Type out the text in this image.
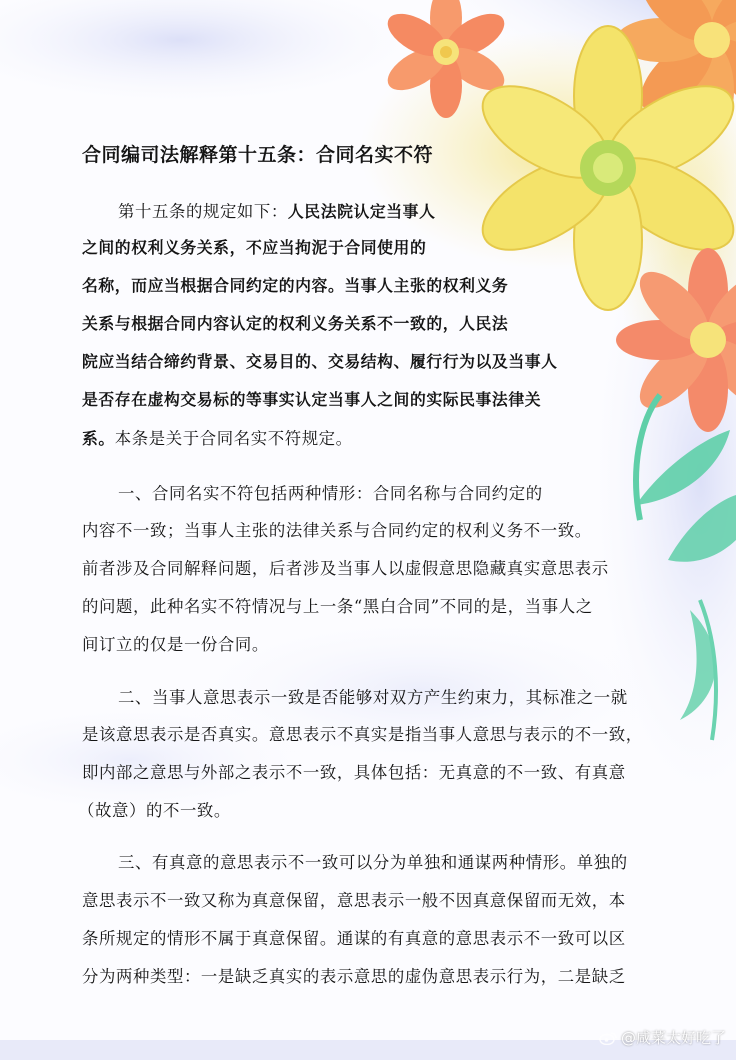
合同编司法解释第十五条：合同名实不符
第十五条的规定如下：人民法院认定当事人
之间的权利义务关系，不应当拘泥于合同使用的
名称，而应当根据合同约定的内容。当事人主张的权利义务
关系与根据合同内容认定的权利义务关系不一致的，人民法
院应当结合缔约背景、交易目的、交易结构、履行行为以及当事人
是否存在虚构交易标的等事实认定当事人之间的实际民事法律关
系。本条是关于合同名实不符规定。
一、合同名实不符包括两种情形：合同名称与合同约定的
内容不一致；当事人主张的法律关系与合同约定的权利义务不一致。
前者涉及合同解释问题，后者涉及当事人以虚假意思隐藏真实意思表示
的问题，此种名实不符情况与上一条“黑白合同”不同的是，当事人之
间订立的仅是一份合同。
二、当事人意思表示一致是否能够对双方产生约束力，其标准之一就
是该意思表示是否真实。意思表示不真实是指当事人意思与表示的不一致，
即内部之意思与外部之表示不一致，具体包括：无真意的不一致、有真意
（故意）的不一致。
三、有真意的意思表示不一致可以分为单独和通谋两种情形。单独的
意思表示不一致又称为真意保留，意思表示一般不因真意保留而无效，本
条所规定的情形不属于真意保留。通谋的有真意的意思表示不一致可以区
分为两种类型：一是缺乏真实的表示意思的虚伪意思表示行为，二是缺乏
@咸菜太好吃了
